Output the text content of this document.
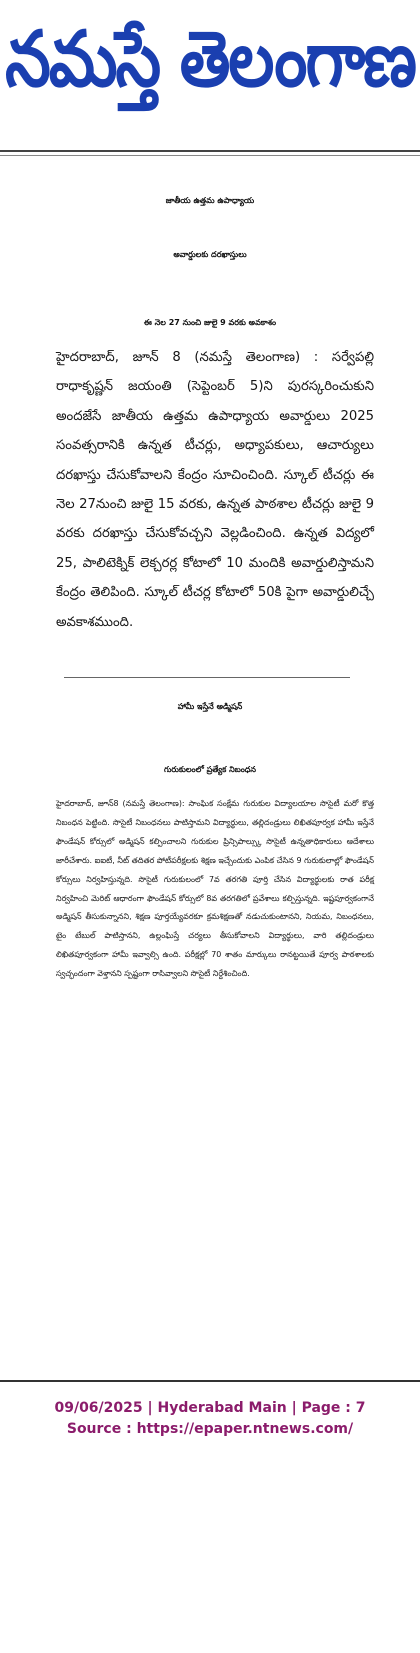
నమస్తే తెలంగాణ
జాతీయ ఉత్తమ ఉపాధ్యాయ
అవార్డులకు దరఖాస్తులు
ఈ నెల 27 నుంచి జులై 9 వరకు అవకాశం
హైదరాబాద్, జూన్ 8 (నమస్తే తెలంగాణ) : సర్వేపల్లి రాధాకృష్ణన్ జయంతి (సెప్టెంబర్ 5)ని పురస్కరించుకుని అందజేసే జాతీయ ఉత్తమ ఉపాధ్యాయ అవార్డులు 2025 సంవత్సరానికి ఉన్నత టీచర్లు, అధ్యాపకులు, ఆచార్యులు దరఖాస్తు చేసుకోవాలని కేంద్రం సూచించింది. స్కూల్ టీచర్లు ఈ నెల 27నుంచి జులై 15 వరకు, ఉన్నత పాఠశాల టీచర్లు జులై 9 వరకు దరఖాస్తు చేసుకోవచ్చని వెల్లడించింది. ఉన్నత విద్యలో 25, పాలిటెక్నిక్ లెక్చరర్ల కోటాలో 10 మందికి అవార్డులిస్తామని కేంద్రం తెలిపింది. స్కూల్ టీచర్ల కోటాలో 50కి పైగా అవార్డులిచ్చే అవకాశముంది.
హామీ ఇస్తేనే అడ్మిషన్
గురుకులంలో ప్రత్యేక నిబంధన
హైదరాబాద్, జూన్8 (నమస్తే తెలంగాణ): సాంఘిక సంక్షేమ గురుకుల విద్యాలయాల సొసైటీ మరో కొత్త నిబంధన పెట్టింది. సొసైటీ నిబంధనలు పాటిస్తామని విద్యార్థులు, తల్లిదండ్రులు లిఖితపూర్వక హామీ ఇస్తేనే ఫౌండేషన్ కోర్సులో అడ్మిషన్ కల్పించాలని గురుకుల ప్రిన్సిపాల్స్కు సొసైటీ ఉన్నతాధికారులు ఆదేశాలు జారీచేశారు. ఐఐటీ, నీట్ తదితర పోటీపరీక్షలకు శిక్షణ ఇచ్చేందుకు ఎంపిక చేసిన 9 గురుకులాల్లో ఫౌండేషన్ కోర్సులు నిర్వహిస్తున్నది. సొసైటీ గురుకులంలో 7వ తరగతి పూర్తి చేసిన విద్యార్థులకు రాత పరీక్ష నిర్వహించి మెరిట్ ఆధారంగా ఫౌండేషన్ కోర్సులో 8వ తరగతిలో ప్రవేశాలు కల్పిస్తున్నది. ఇష్టపూర్వకంగానే అడ్మిషన్ తీసుకున్నానని, శిక్షణ పూర్తయ్యేవరకూ క్రమశిక్షణతో నడుచుకుంటానని, నియమ, నిబంధనలు, టైం టేబుల్ పాటిస్తానని, ఉల్లంఘిస్తే చర్యలు తీసుకోవాలని విద్యార్థులు, వారి తల్లిదండ్రులు లిఖితపూర్వకంగా హామీ ఇవ్వాల్సి ఉంది. పరీక్షల్లో 70 శాతం మార్కులు రానట్టయితే పూర్వ పాఠశాలకు స్వచ్ఛందంగా వెళ్తానని స్పష్టంగా రాసివ్వాలని సొసైటీ నిర్దేశించింది.
09/06/2025 | Hyderabad Main | Page : 7
Source : https://epaper.ntnews.com/
